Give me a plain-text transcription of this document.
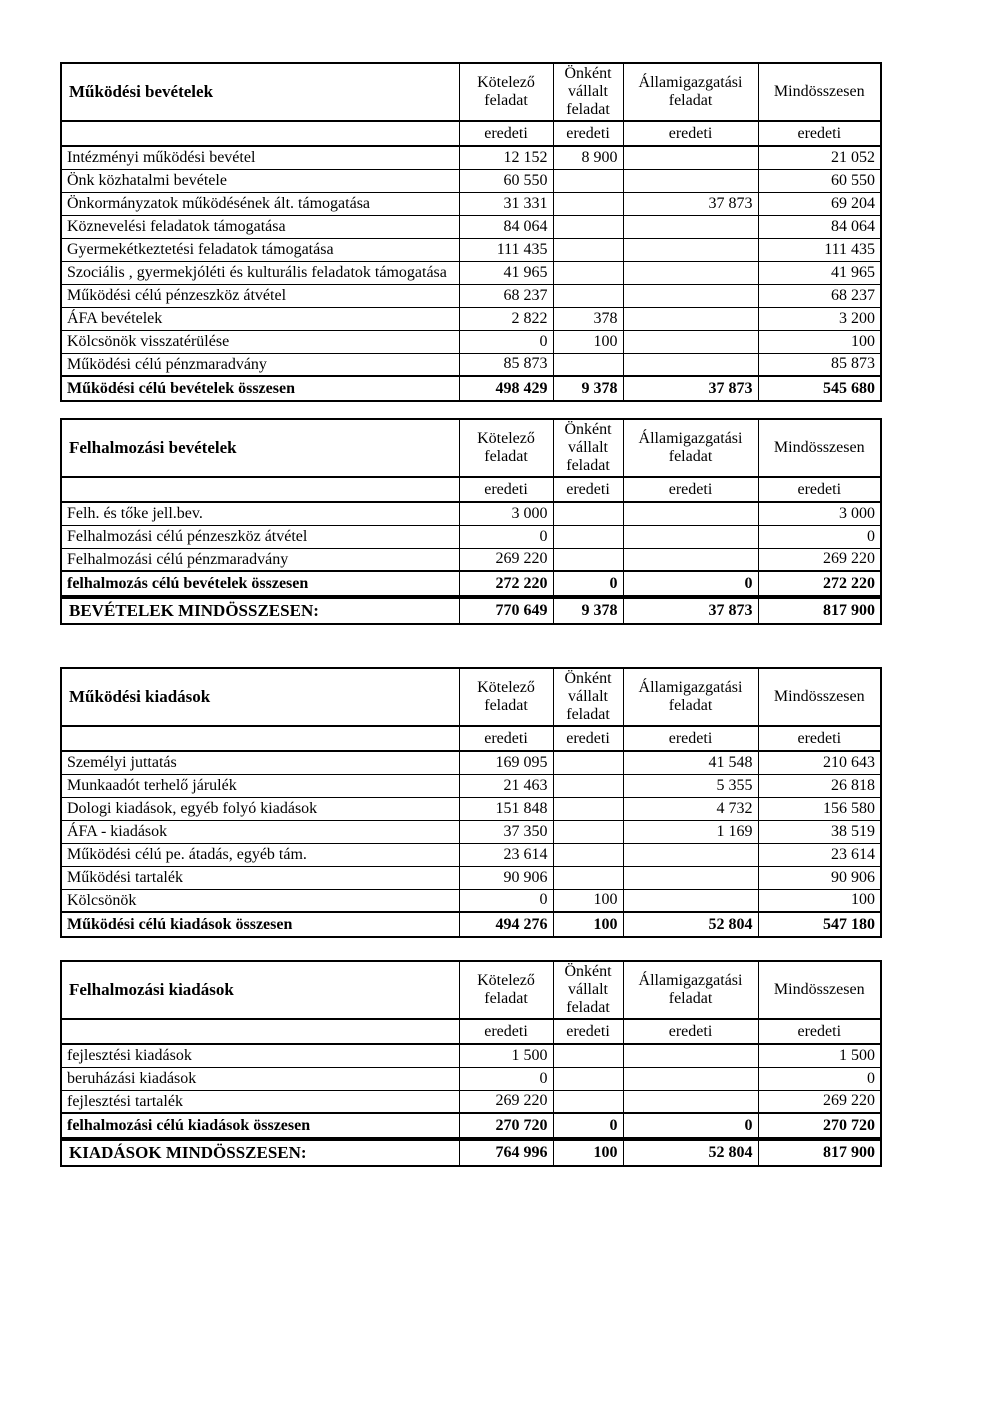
Működési bevételek	Kötelező feladat	Önként vállalt feladat	Államigazgatási feladat	Mindösszesen
	eredeti	eredeti	eredeti	eredeti
Intézményi működési bevétel	12 152	8 900		21 052
Önk közhatalmi bevétele	60 550			60 550
Önkormányzatok működésének ált. támogatása	31 331		37 873	69 204
Köznevelési feladatok támogatása	84 064			84 064
Gyermekétkeztetési feladatok támogatása	111 435			111 435
Szociális , gyermekjóléti és kulturális feladatok támogatása	41 965			41 965
Működési célú pénzeszköz átvétel	68 237			68 237
ÁFA bevételek	2 822	378		3 200
Kölcsönök visszatérülése	0	100		100
Működési célú pénzmaradvány	85 873			85 873
Működési célú bevételek összesen	498 429	9 378	37 873	545 680
Felhalmozási bevételek	Kötelező feladat	Önként vállalt feladat	Államigazgatási feladat	Mindösszesen
	eredeti	eredeti	eredeti	eredeti
Felh. és tőke jell.bev.	3 000			3 000
Felhalmozási célú pénzeszköz átvétel	0			0
Felhalmozási célú pénzmaradvány	269 220			269 220
felhalmozás célú bevételek összesen	272 220	0	0	272 220
BEVÉTELEK MINDÖSSZESEN:	770 649	9 378	37 873	817 900
Működési kiadások	Kötelező feladat	Önként vállalt feladat	Államigazgatási feladat	Mindösszesen
	eredeti	eredeti	eredeti	eredeti
Személyi juttatás	169 095		41 548	210 643
Munkaadót terhelő járulék	21 463		5 355	26 818
Dologi kiadások, egyéb folyó kiadások	151 848		4 732	156 580
ÁFA - kiadások	37 350		1 169	38 519
Működési célú pe. átadás, egyéb tám.	23 614			23 614
Működési tartalék	90 906			90 906
Kölcsönök	0	100		100
Működési célú kiadások összesen	494 276	100	52 804	547 180
Felhalmozási kiadások	Kötelező feladat	Önként vállalt feladat	Államigazgatási feladat	Mindösszesen
	eredeti	eredeti	eredeti	eredeti
fejlesztési kiadások	1 500			1 500
beruházási kiadások	0			0
fejlesztési tartalék	269 220			269 220
felhalmozási célú kiadások összesen	270 720	0	0	270 720
KIADÁSOK MINDÖSSZESEN:	764 996	100	52 804	817 900
